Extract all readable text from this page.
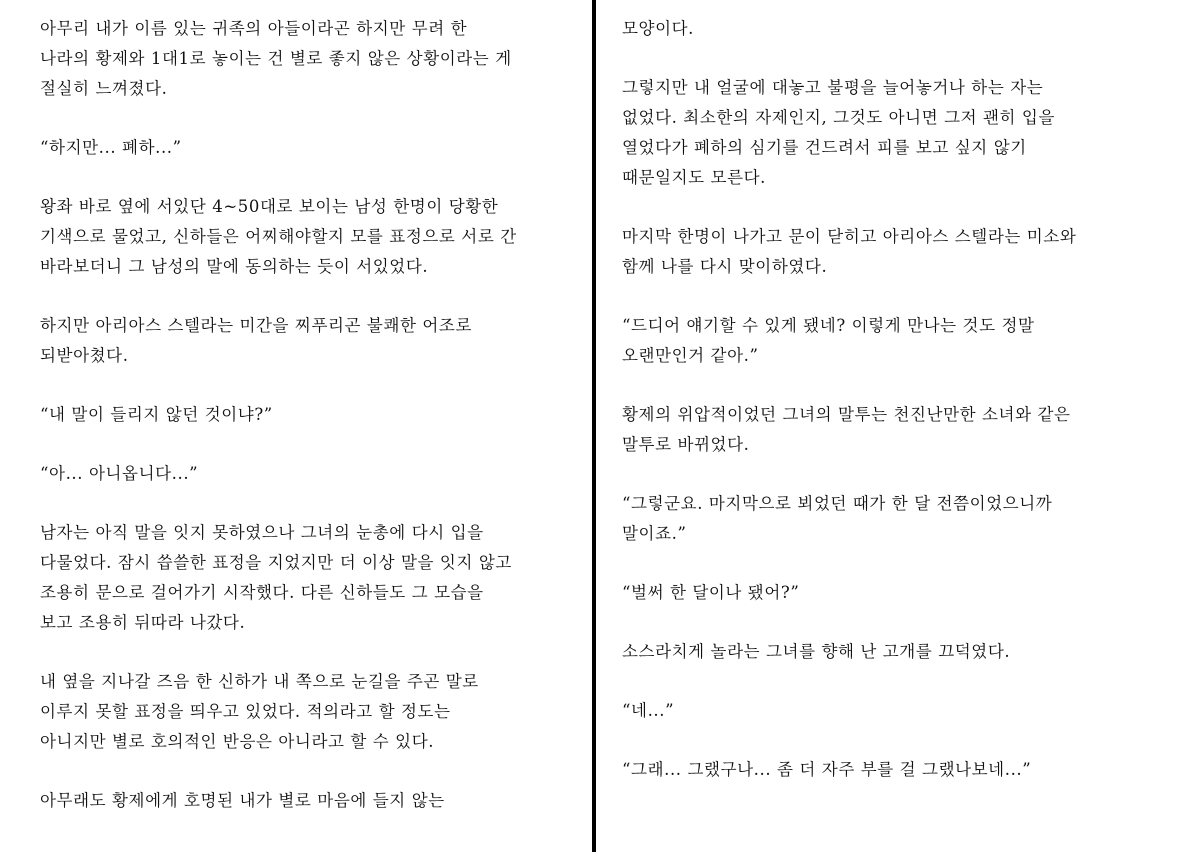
아무리 내가 이름 있는 귀족의 아들이라곤 하지만 무려 한
나라의 황제와 1대1로 놓이는 건 별로 좋지 않은 상황이라는 게
절실히 느껴졌다.
“하지만... 폐하...”
왕좌 바로 옆에 서있단 4~50대로 보이는 남성 한명이 당황한
기색으로 물었고, 신하들은 어찌해야할지 모를 표정으로 서로 간
바라보더니 그 남성의 말에 동의하는 듯이 서있었다.
하지만 아리아스 스텔라는 미간을 찌푸리곤 불쾌한 어조로
되받아쳤다.
“내 말이 들리지 않던 것이냐?”
“아... 아니옵니다...”
남자는 아직 말을 잇지 못하였으나 그녀의 눈총에 다시 입을
다물었다. 잠시 씁쓸한 표정을 지었지만 더 이상 말을 잇지 않고
조용히 문으로 걸어가기 시작했다. 다른 신하들도 그 모습을
보고 조용히 뒤따라 나갔다.
내 옆을 지나갈 즈음 한 신하가 내 쪽으로 눈길을 주곤 말로
이루지 못할 표정을 띄우고 있었다. 적의라고 할 정도는
아니지만 별로 호의적인 반응은 아니라고 할 수 있다.
아무래도 황제에게 호명된 내가 별로 마음에 들지 않는
모양이다.
그렇지만 내 얼굴에 대놓고 불평을 늘어놓거나 하는 자는
없었다. 최소한의 자제인지, 그것도 아니면 그저 괜히 입을
열었다가 폐하의 심기를 건드려서 피를 보고 싶지 않기
때문일지도 모른다.
마지막 한명이 나가고 문이 닫히고 아리아스 스텔라는 미소와
함께 나를 다시 맞이하였다.
“드디어 얘기할 수 있게 됐네? 이렇게 만나는 것도 정말
오랜만인거 같아.”
황제의 위압적이었던 그녀의 말투는 천진난만한 소녀와 같은
말투로 바뀌었다.
“그렇군요. 마지막으로 뵈었던 때가 한 달 전쯤이었으니까
말이죠.”
“벌써 한 달이나 됐어?”
소스라치게 놀라는 그녀를 향해 난 고개를 끄덕였다.
“네...”
“그래... 그랬구나... 좀 더 자주 부를 걸 그랬나보네...”
